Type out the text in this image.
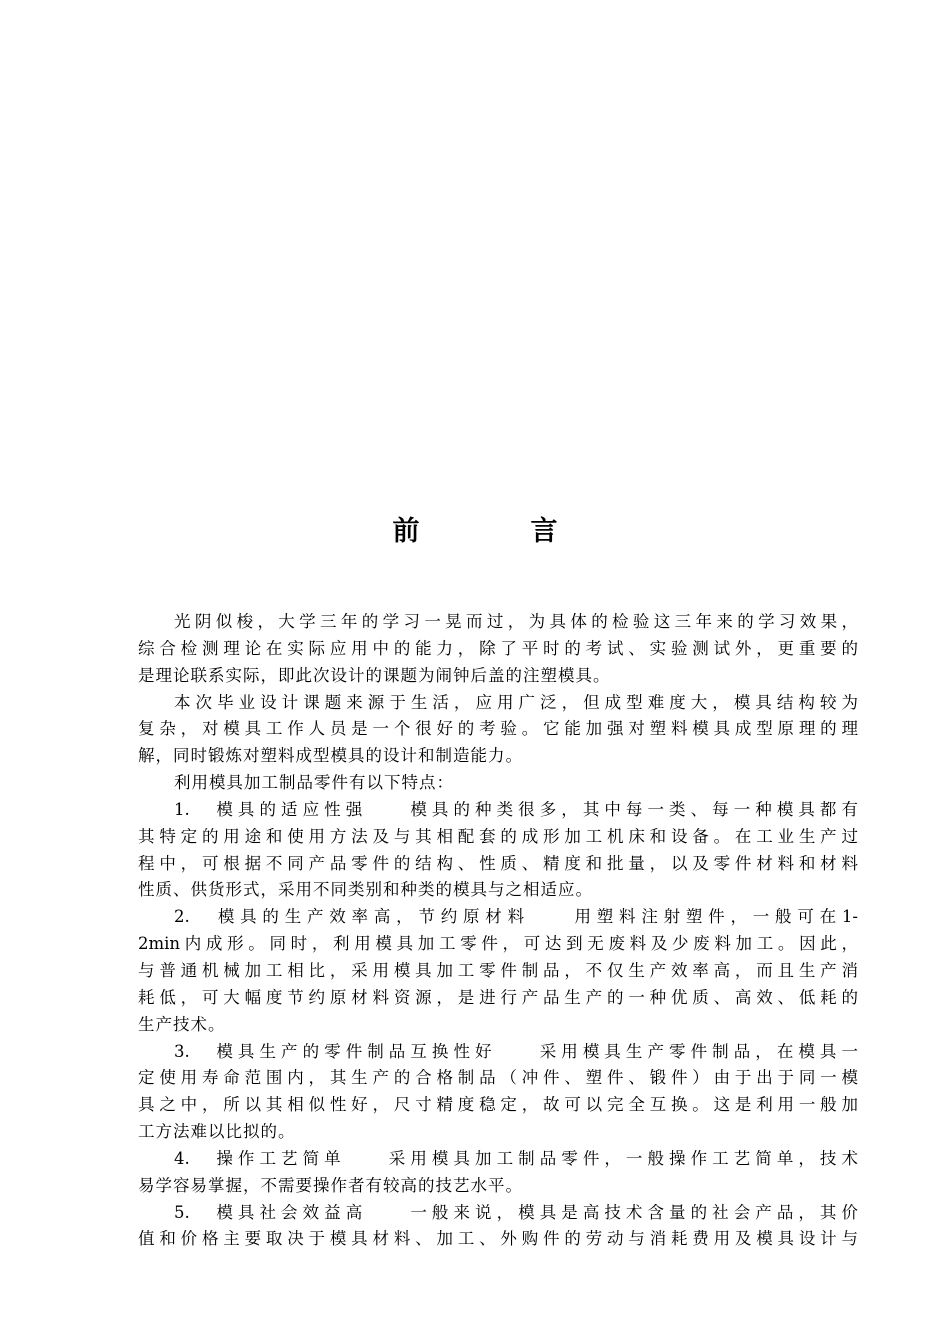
前　言
光阴似梭，大学三年的学习一晃而过，为具体的检验这三年来的学习效果，
综合检测理论在实际应用中的能力，除了平时的考试、实验测试外，更重要的
是理论联系实际，即此次设计的课题为闹钟后盖的注塑模具。
本次毕业设计课题来源于生活，应用广泛，但成型难度大，模具结构较为
复杂，对模具工作人员是一个很好的考验。它能加强对塑料模具成型原理的理
解，同时锻炼对塑料成型模具的设计和制造能力。
利用模具加工制品零件有以下特点：
1.　模具的适应性强　　模具的种类很多，其中每一类、每一种模具都有
其特定的用途和使用方法及与其相配套的成形加工机床和设备。在工业生产过
程中，可根据不同产品零件的结构、性质、精度和批量，以及零件材料和材料
性质、供货形式，采用不同类别和种类的模具与之相适应。
2.　模具的生产效率高，节约原材料　　用塑料注射塑件，一般可在1-
2min内成形。同时，利用模具加工零件，可达到无废料及少废料加工。因此，
与普通机械加工相比，采用模具加工零件制品，不仅生产效率高，而且生产消
耗低，可大幅度节约原材料资源，是进行产品生产的一种优质、高效、低耗的
生产技术。
3.　模具生产的零件制品互换性好　　采用模具生产零件制品，在模具一
定使用寿命范围内，其生产的合格制品（冲件、塑件、锻件）由于出于同一模
具之中，所以其相似性好，尺寸精度稳定，故可以完全互换。这是利用一般加
工方法难以比拟的。
4.　操作工艺简单　　采用模具加工制品零件，一般操作工艺简单，技术
易学容易掌握，不需要操作者有较高的技艺水平。
5.　模具社会效益高　　一般来说，模具是高技术含量的社会产品，其价
值和价格主要取决于模具材料、加工、外购件的劳动与消耗费用及模具设计与
